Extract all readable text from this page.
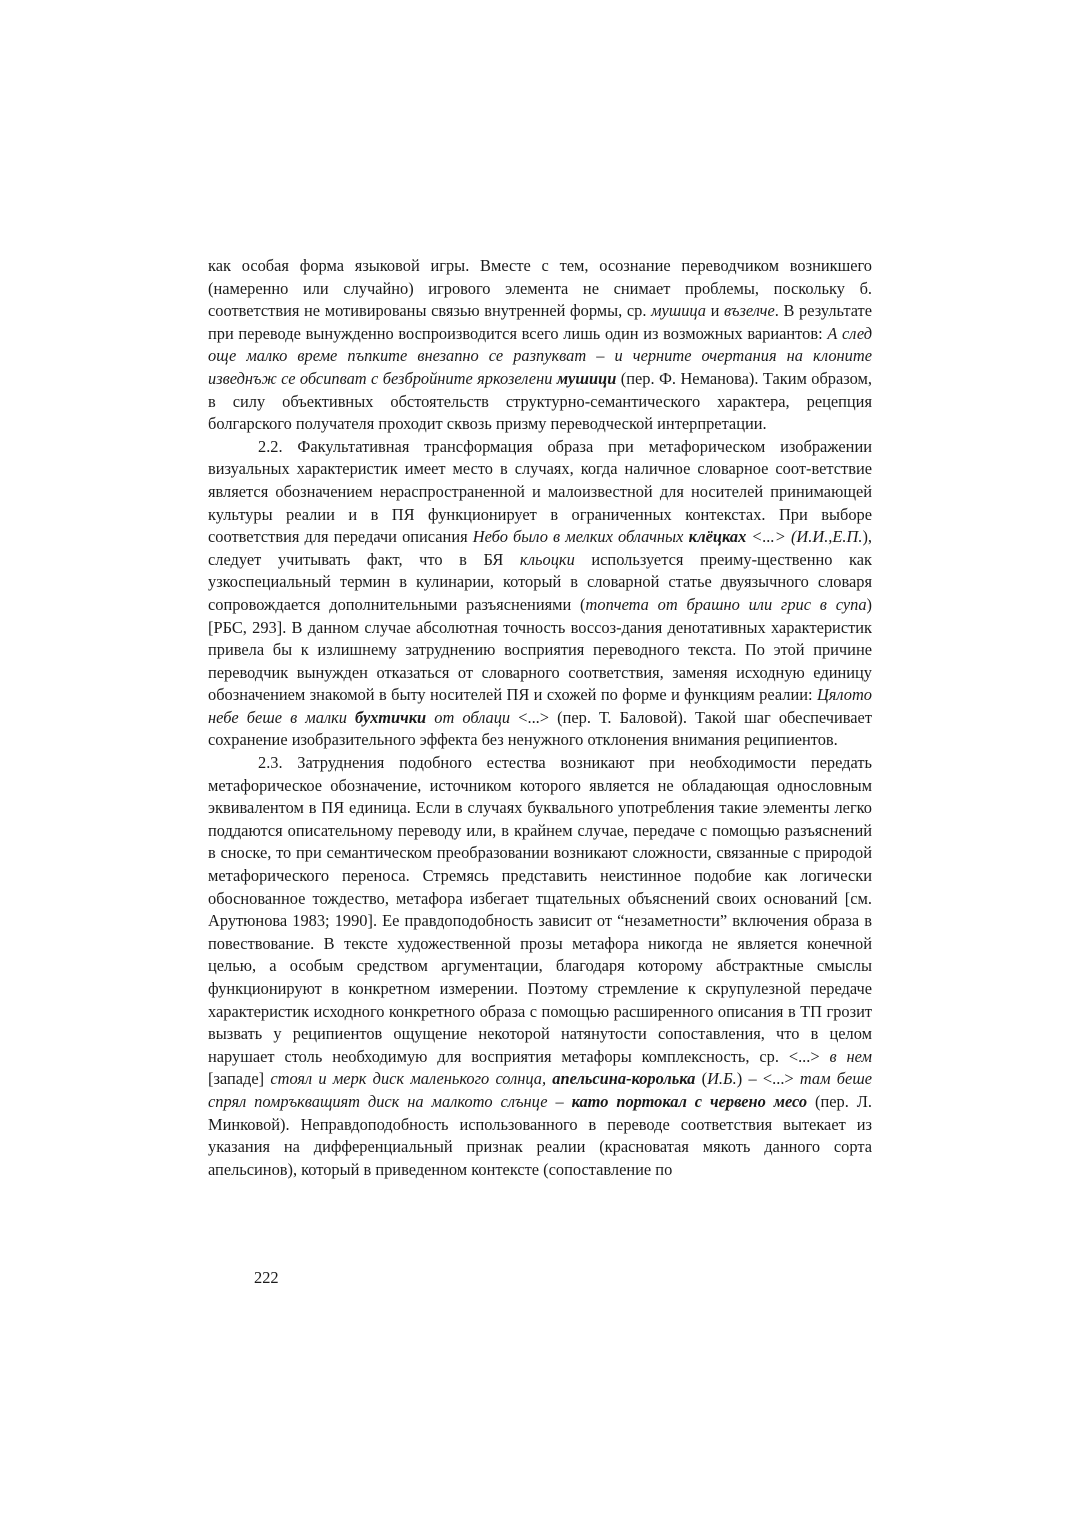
как особая форма языковой игры. Вместе с тем, осознание переводчиком возникшего (намеренно или случайно) игрового элемента не снимает проблемы, поскольку б. соответствия не мотивированы связью внутренней формы, ср. мушица и възелче. В результате при переводе вынужденно воспроизводится всего лишь один из возможных вариантов: А след още малко време пъпките внезапно се разпукват – и черните очертания на клоните изведнъж се обсипват с безбройните яркозелени мушици (пер. Ф. Неманова). Таким образом, в силу объективных обстоятельств структурно-семантического характера, рецепция болгарского получателя проходит сквозь призму переводческой интерпретации.

2.2. Факультативная трансформация образа при метафорическом изображении визуальных характеристик имеет место в случаях, когда наличное словарное соот-ветствие является обозначением нераспространенной и малоизвестной для носителей принимающей культуры реалии и в ПЯ функционирует в ограниченных контекстах. При выборе соответствия для передачи описания Небо было в мелких облачных клёцках <...> (И.И.,Е.П.), следует учитывать факт, что в БЯ кльоцки используется преиму-щественно как узкоспециальный термин в кулинарии, который в словарной статье двуязычного словаря сопровождается дополнительными разъяснениями (топчета от брашно или грис в супа) [РБС, 293]. В данном случае абсолютная точность воссоз-дания денотативных характеристик привела бы к излишнему затруднению восприятия переводного текста. По этой причине переводчик вынужден отказаться от словарного соответствия, заменяя исходную единицу обозначением знакомой в быту носителей ПЯ и схожей по форме и функциям реалии: Цялото небе беше в малки бухтички от облаци <...> (пер. Т. Баловой). Такой шаг обеспечивает сохранение изобразительного эффекта без ненужного отклонения внимания реципиентов.

2.3. Затруднения подобного естества возникают при необходимости передать метафорическое обозначение, источником которого является не обладающая однословным эквивалентом в ПЯ единица. Если в случаях буквального употребления такие элементы легко поддаются описательному переводу или, в крайнем случае, передаче с помощью разъяснений в сноске, то при семантическом преобразовании возникают сложности, связанные с природой метафорического переноса. Стремясь представить неистинное подобие как логически обоснованное тождество, метафора избегает тщательных объяснений своих оснований [см. Арутюнова 1983; 1990]. Ее правдоподобность зависит от “незаметности” включения образа в повествование. В тексте художественной прозы метафора никогда не является конечной целью, а особым средством аргументации, благодаря которому абстрактные смыслы функционируют в конкретном измерении. Поэтому стремление к скрупулезной передаче характеристик исходного конкретного образа с помощью расширенного описания в ТП грозит вызвать у реципиентов ощущение некоторой натянутости сопоставления, что в целом нарушает столь необходимую для восприятия метафоры комплексность, ср. <...> в нем [западе] стоял и мерк диск маленького солнца, апельсина-королька (И.Б.) – <...> там беше спрял помръкващият диск на малкото слънце – като портокал с червено месо (пер. Л. Минковой). Неправдоподобность использованного в переводе соответствия вытекает из указания на дифференциальный признак реалии (красноватая мякоть данного сорта апельсинов), который в приведенном контексте (сопоставление по

222
